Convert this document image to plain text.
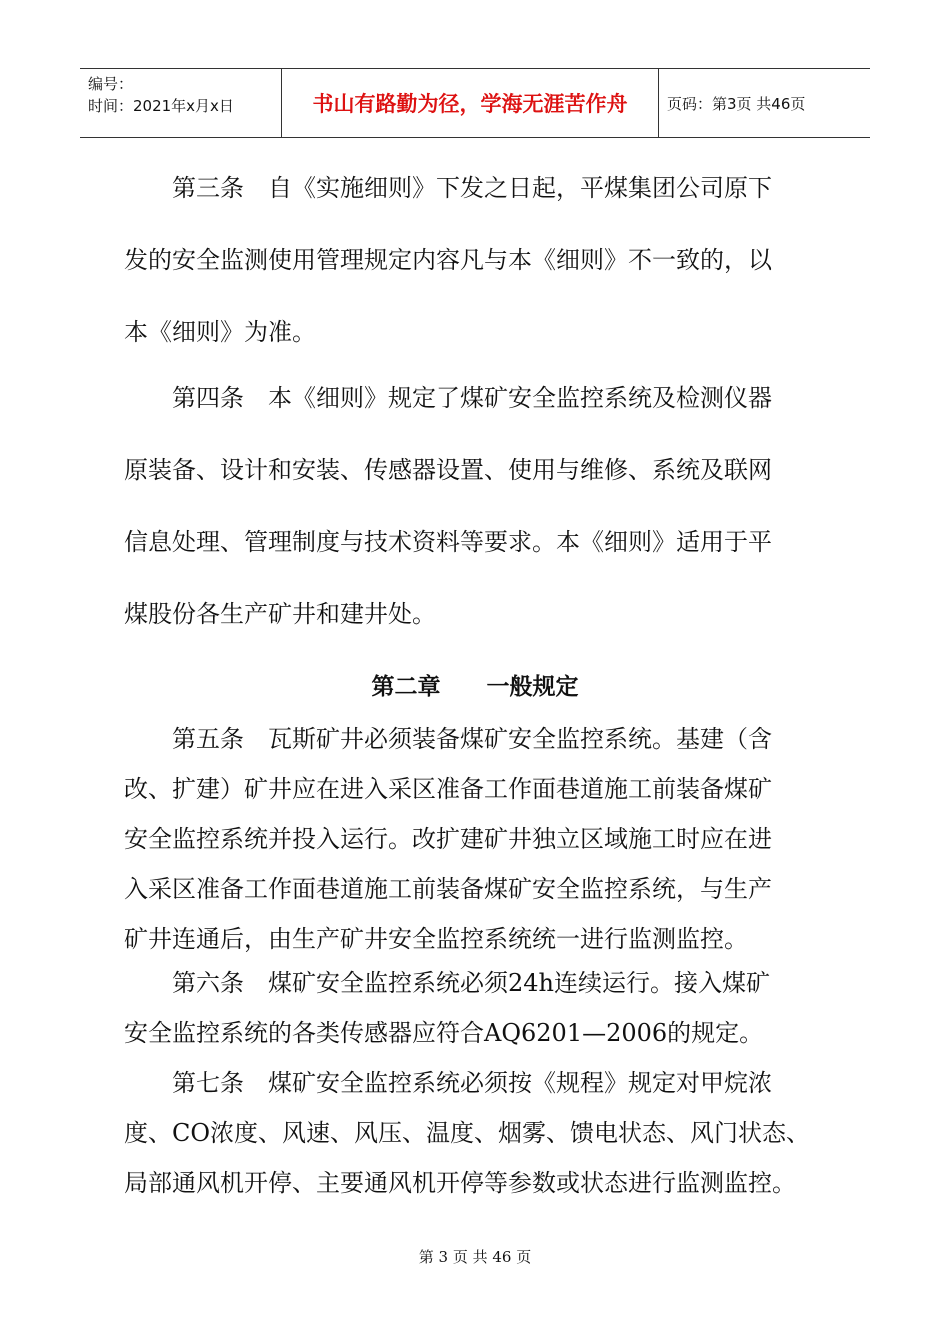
编号：
时间：2021年x月x日	书山有路勤为径，学海无涯苦作舟	页码：第3页 共46页
　　第三条　自《实施细则》下发之日起，平煤集团公司原下
发的安全监测使用管理规定内容凡与本《细则》不一致的，以
本《细则》为准。
　　第四条　本《细则》规定了煤矿安全监控系统及检测仪器
原装备、设计和安装、传感器设置、使用与维修、系统及联网
信息处理、管理制度与技术资料等要求。本《细则》适用于平
煤股份各生产矿井和建井处。
第二章　　一般规定
　　第五条　瓦斯矿井必须装备煤矿安全监控系统。基建（含
改、扩建）矿井应在进入采区准备工作面巷道施工前装备煤矿
安全监控系统并投入运行。改扩建矿井独立区域施工时应在进
入采区准备工作面巷道施工前装备煤矿安全监控系统，与生产
矿井连通后，由生产矿井安全监控系统统一进行监测监控。
　　第六条　煤矿安全监控系统必须24h连续运行。接入煤矿
安全监控系统的各类传感器应符合AQ6201—2006的规定。
　　第七条　煤矿安全监控系统必须按《规程》规定对甲烷浓
度、CO浓度、风速、风压、温度、烟雾、馈电状态、风门状态、
局部通风机开停、主要通风机开停等参数或状态进行监测监控。
第 3 页 共 46 页
